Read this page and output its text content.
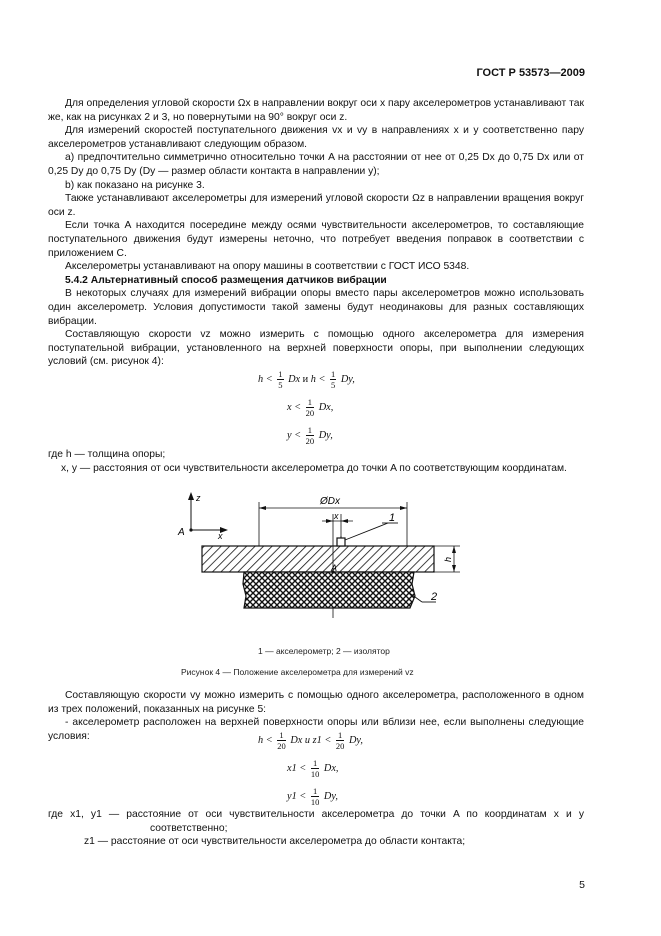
ГОСТ Р 53573—2009

Для определения угловой скорости Ωx в направлении вокруг оси x пару акселерометров устанавливают так же, как на рисунках 2 и 3, но повернутыми на 90° вокруг оси z.

Для измерений скоростей поступательного движения vx и vy в направлениях x и y соответственно пару акселерометров устанавливают следующим образом.

а) предпочтительно симметрично относительно точки A на расстоянии от нее от 0,25 Dx до 0,75 Dx или от 0,25 Dy до 0,75 Dy (Dy — размер области контакта в направлении y);

b) как показано на рисунке 3.

Также устанавливают акселерометры для измерений угловой скорости Ωz в направлении вращения вокруг оси z.

Если точка A находится посередине между осями чувствительности акселерометров, то составляющие поступательного движения будут измерены неточно, что потребует введения поправок в соответствии с приложением С.

Акселерометры устанавливают на опору машины в соответствии с ГОСТ ИСО 5348.

5.4.2 Альтернативный способ размещения датчиков вибрации

В некоторых случаях для измерений вибрации опоры вместо пары акселерометров можно использовать один акселерометр. Условия допустимости такой замены будут неодинаковы для разных составляющих вибрации.

Составляющую скорости vz можно измерить с помощью одного акселерометра для измерения поступательной вибрации, установленного на верхней поверхности опоры, при выполнении следующих условий (см. рисунок 4):

$h < \frac{1}{5}$ Dx и $h < \frac{1}{5} Dy$,
$x < \frac{1}{20} Dx$,
$y < \frac{1}{20} Dy$,
где h — толщина опоры;
x, y — расстояния от оси чувствительности акселерометра до точки A по соответствующим координатам.
z
x
A
ØDx
x
A
1
2
h
1 — акселерометр; 2 — изолятор
Рисунок 4 — Положение акселерометра для измерений vz

Составляющую скорости vy можно измерить с помощью одного акселерометра, расположенного в одном из трех положений, показанных на рисунке 5:

- акселерометр расположен на верхней поверхности опоры или вблизи нее, если выполнены следующие условия:	$h < \frac{1}{20}$ Dx и $z1 < \frac{1}{20} Dy$,
$x1 < \frac{1}{10} Dx$,
$y1 < \frac{1}{10} Dy$,
где x1, y1 — расстояние от оси чувствительности акселерометра до точки A по координатам x и y соответственно;
z1 — расстояние от оси чувствительности акселерометра до области контакта;
5
